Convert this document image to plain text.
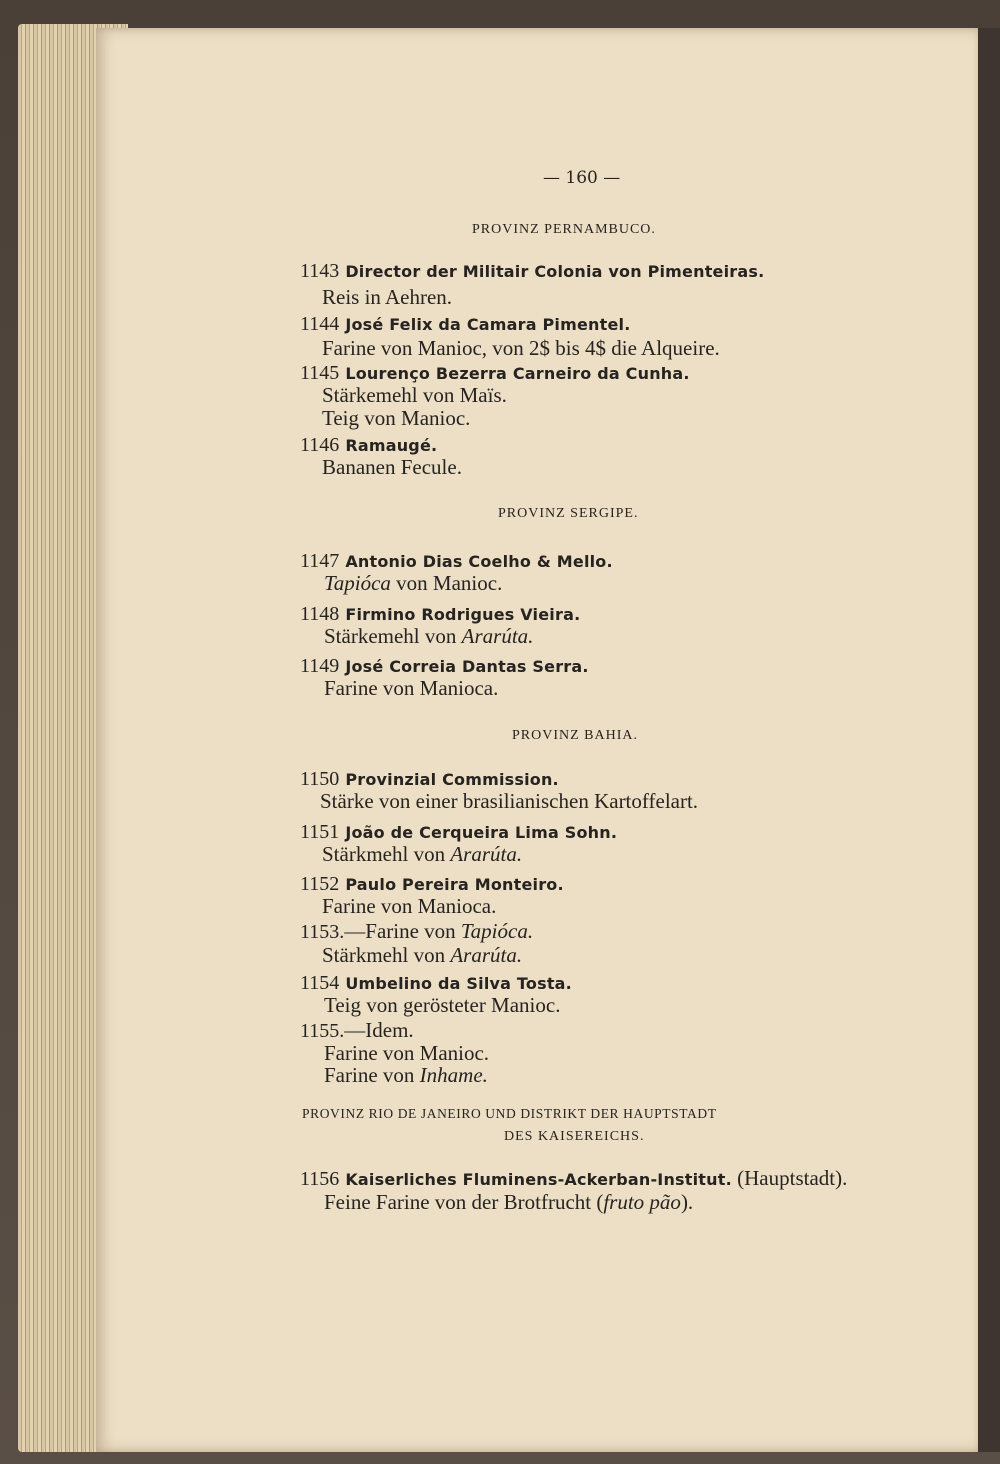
— 160 —
PROVINZ PERNAMBUCO.
1143 Director der Militair Colonia von Pimenteiras.
Reis in Aehren.
1144 José Felix da Camara Pimentel.
Farine von Manioc, von 2$ bis 4$ die Alqueire.
1145 Lourenço Bezerra Carneiro da Cunha.
Stärkemehl von Maïs.
Teig von Manioc.
1146 Ramaugé.
Bananen Fecule.
PROVINZ SERGIPE.
1147 Antonio Dias Coelho & Mello.
Tapióca von Manioc.
1148 Firmino Rodrigues Vieira.
Stärkemehl von Ararúta.
1149 José Correia Dantas Serra.
Farine von Manioca.
PROVINZ BAHIA.
1150 Provinzial Commission.
Stärke von einer brasilianischen Kartoffelart.
1151 João de Cerqueira Lima Sohn.
Stärkmehl von Ararúta.
1152 Paulo Pereira Monteiro.
Farine von Manioca.
1153.—Farine von Tapióca.
Stärkmehl von Ararúta.
1154 Umbelino da Silva Tosta.
Teig von gerösteter Manioc.
1155.—Idem.
Farine von Manioc.
Farine von Inhame.
PROVINZ RIO DE JANEIRO UND DISTRIKT DER HAUPTSTADT
DES KAISEREICHS.
1156 Kaiserliches Fluminens-Ackerban-Institut. (Hauptstadt).
Feine Farine von der Brotfrucht (fruto pão).
